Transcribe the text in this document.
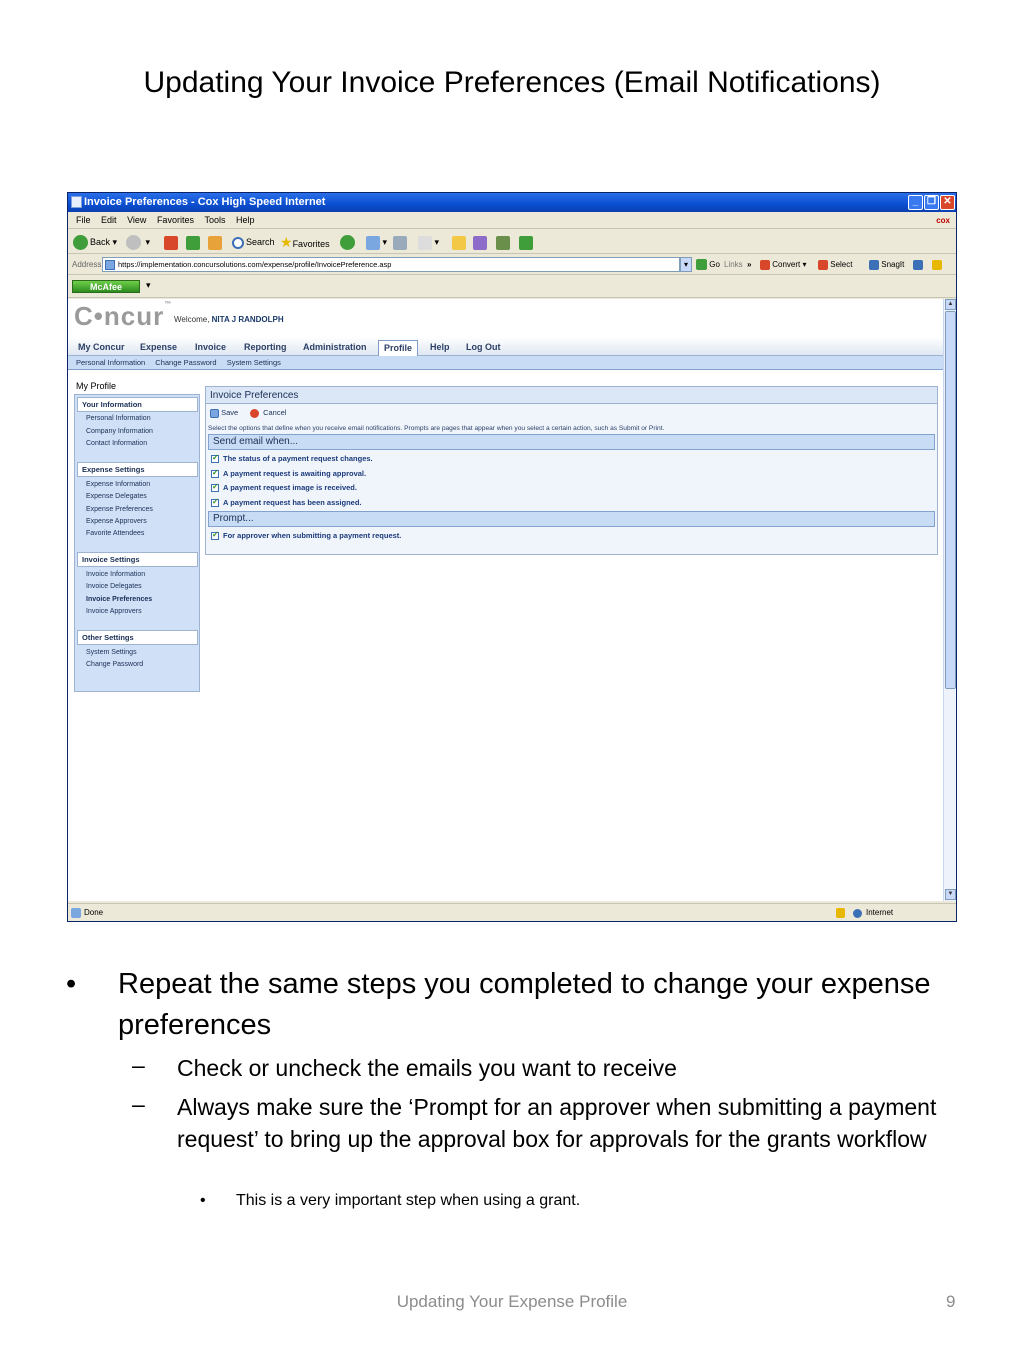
Updating Your Invoice Preferences (Email Notifications)
Invoice Preferences - Cox High Speed Internet	_ ❐ ✕
File Edit View Favorites Tools Help	cox
Back ▾	▾	Search ★Favorites	▾	▾
Address	https://implementation.concursolutions.com/expense/profile/InvoicePreference.asp	▾	Go Links »	Convert ▾	Select	SnagIt
McAfee	▾
C•ncur™
Welcome, NITA J RANDOLPH
My Concur Expense Invoice Reporting Administration	Profile	Help Log Out
Personal Information Change Password System Settings
My Profile
Your Information
Personal Information
Company Information
Contact Information
Expense Settings
Expense Information
Expense Delegates
Expense Preferences
Expense Approvers
Favorite Attendees
Invoice Settings
Invoice Information
Invoice Delegates
Invoice Preferences
Invoice Approvers
Other Settings
System Settings
Change Password
Invoice Preferences
Save	Cancel
Select the options that define when you receive email notifications. Prompts are pages that appear when you select a certain action, such as Submit or Print.
Send email when...
✓The status of a payment request changes.
✓A payment request is awaiting approval.
✓A payment request image is received.
✓A payment request has been assigned.
Prompt...
✓For approver when submitting a payment request.
▲
▼
Done	Internet
• Repeat the same steps you completed to change your expense preferences
– Check or uncheck the emails you want to receive
– Always make sure the ‘Prompt for an approver when submitting a payment request’ to bring up the approval box for approvals for the grants workflow
• This is a very important step when using a grant.
Updating Your Expense Profile	9
